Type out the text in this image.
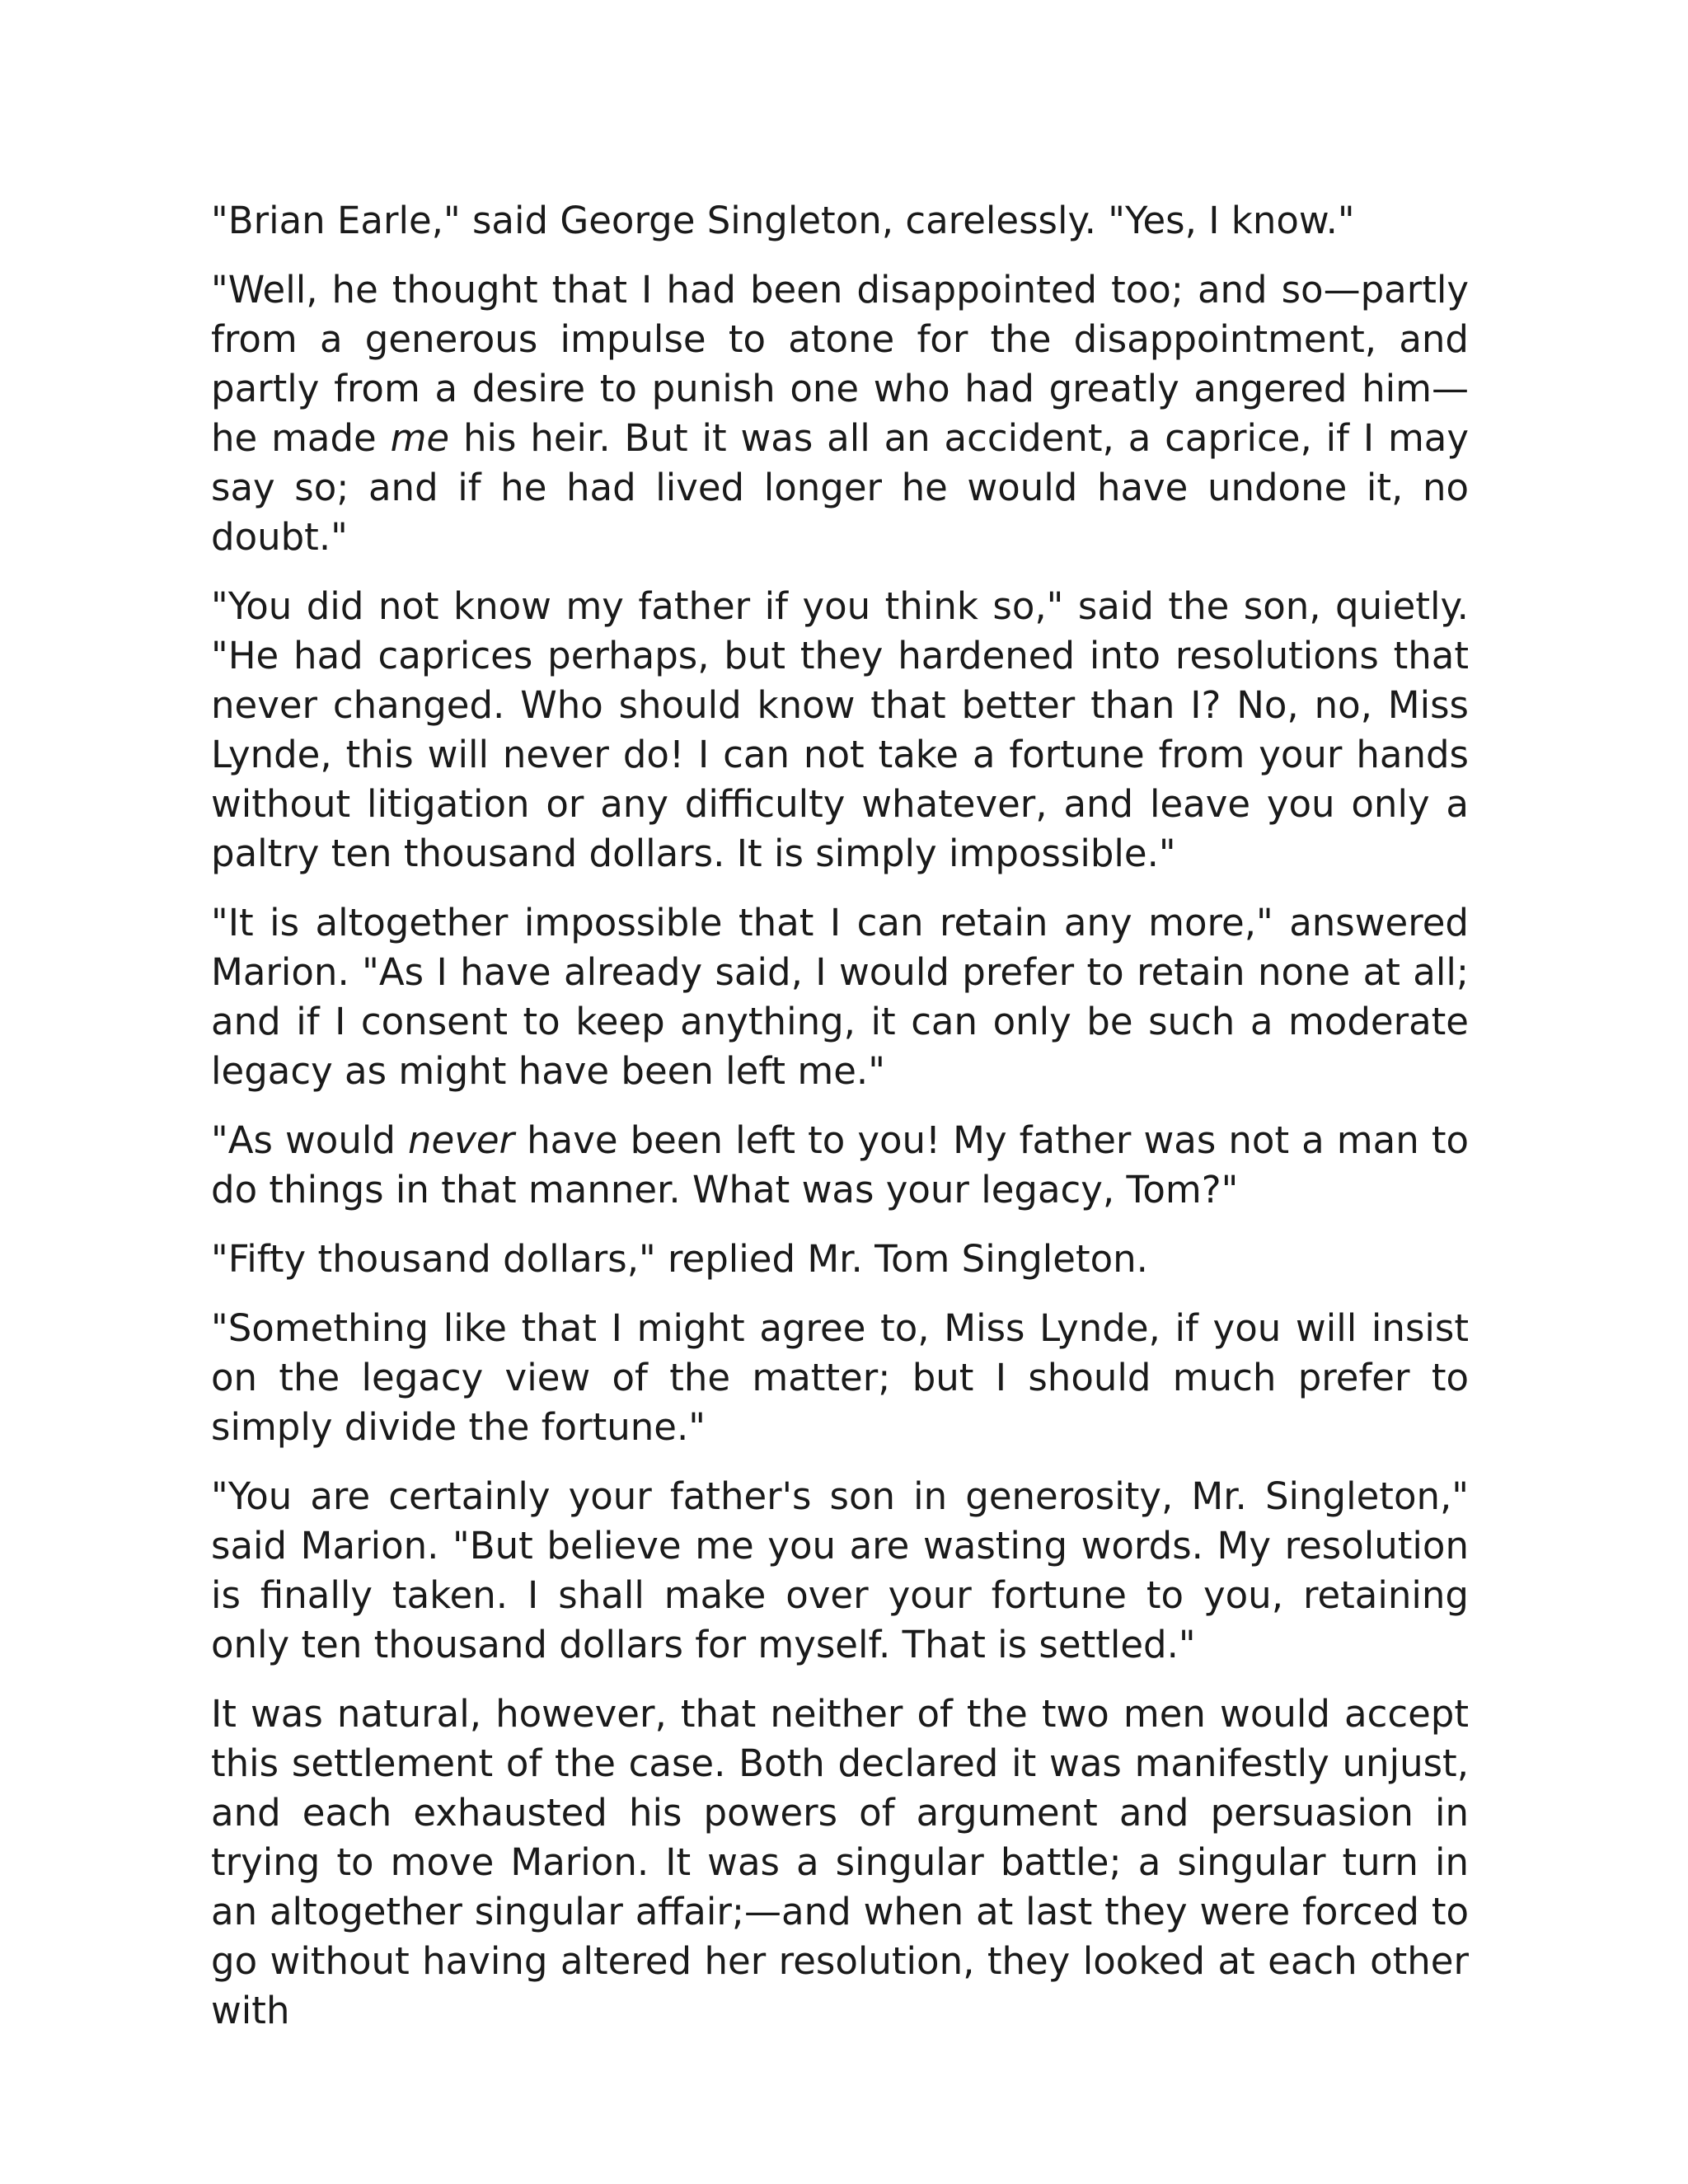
"Brian Earle," said George Singleton, carelessly. "Yes, I know."

"Well, he thought that I had been disappointed too; and so—partly from a generous impulse to atone for the disappointment, and partly from a desire to punish one who had greatly angered him—he made me his heir. But it was all an accident, a caprice, if I may say so; and if he had lived longer he would have undone it, no doubt."

"You did not know my father if you think so," said the son, quietly. "He had caprices perhaps, but they hardened into resolutions that never changed. Who should know that better than I? No, no, Miss Lynde, this will never do! I can not take a fortune from your hands without litigation or any difficulty whatever, and leave you only a paltry ten thousand dollars. It is simply impossible."

"It is altogether impossible that I can retain any more," answered Marion. "As I have already said, I would prefer to retain none at all; and if I consent to keep anything, it can only be such a moderate legacy as might have been left me."

"As would never have been left to you! My father was not a man to do things in that manner. What was your legacy, Tom?"

"Fifty thousand dollars," replied Mr. Tom Singleton.

"Something like that I might agree to, Miss Lynde, if you will insist on the legacy view of the matter; but I should much prefer to simply divide the fortune."

"You are certainly your father's son in generosity, Mr. Singleton," said Marion. "But believe me you are wasting words. My resolution is finally taken. I shall make over your fortune to you, retaining only ten thousand dollars for myself. That is settled."

It was natural, however, that neither of the two men would accept this settlement of the case. Both declared it was manifestly unjust, and each exhausted his powers of argument and persuasion in trying to move Marion. It was a singular battle; a singular turn in an altogether singular affair;—and when at last they were forced to go without having altered her resolution, they looked at each other with
